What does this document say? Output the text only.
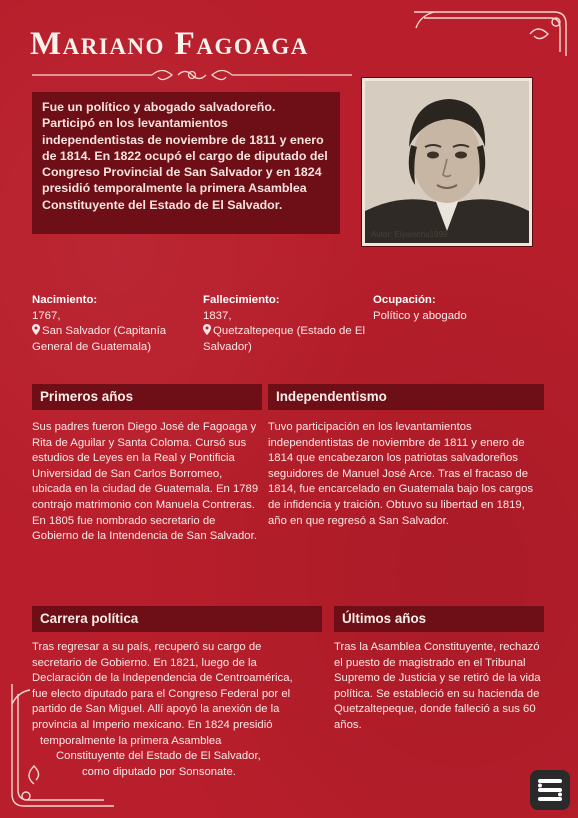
Mariano Fagoaga
Fue un político y abogado salvadoreño. Participó en los levantamientos independentistas de noviembre de 1811 y enero de 1814. En 1822 ocupó el cargo de diputado del Congreso Provincial de San Salvador y en 1824 presidió temporalmente la primera Asamblea Constituyente del Estado de El Salvador.
Autor: Elyamchu1999
Nacimiento:
1767,
San Salvador (Capitanía General de Guatemala)
Fallecimiento:
1837,
Quetzaltepeque (Estado de El Salvador)
Ocupación:
Político y abogado
Primeros años
Sus padres fueron Diego José de Fagoaga y Rita de Aguilar y Santa Coloma. Cursó sus estudios de Leyes en la Real y Pontificia Universidad de San Carlos Borromeo, ubicada en la ciudad de Guatemala. En 1789 contrajo matrimonio con Manuela Contreras. En 1805 fue nombrado secretario de Gobierno de la Intendencia de San Salvador.
Independentismo
Tuvo participación en los levantamientos independentistas de noviembre de 1811 y enero de 1814 que encabezaron los patriotas salvadoreños seguidores de Manuel José Arce. Tras el fracaso de 1814, fue encarcelado en Guatemala bajo los cargos de infidencia y traición. Obtuvo su libertad en 1819, año en que regresó a San Salvador.
Carrera política
Tras regresar a su país, recuperó su cargo de
secretario de Gobierno. En 1821, luego de la
Declaración de la Independencia de Centroamérica,
fue electo diputado para el Congreso Federal por el
partido de San Miguel. Allí apoyó la anexión de la
provincia al Imperio mexicano. En 1824 presidió
temporalmente la primera Asamblea
Constituyente del Estado de El Salvador,
como diputado por Sonsonate.
Últimos años
Tras la Asamblea Constituyente, rechazó el puesto de magistrado en el Tribunal Supremo de Justicia y se retiró de la vida política. Se estableció en su hacienda de Quetzaltepeque, donde falleció a sus 60 años.
